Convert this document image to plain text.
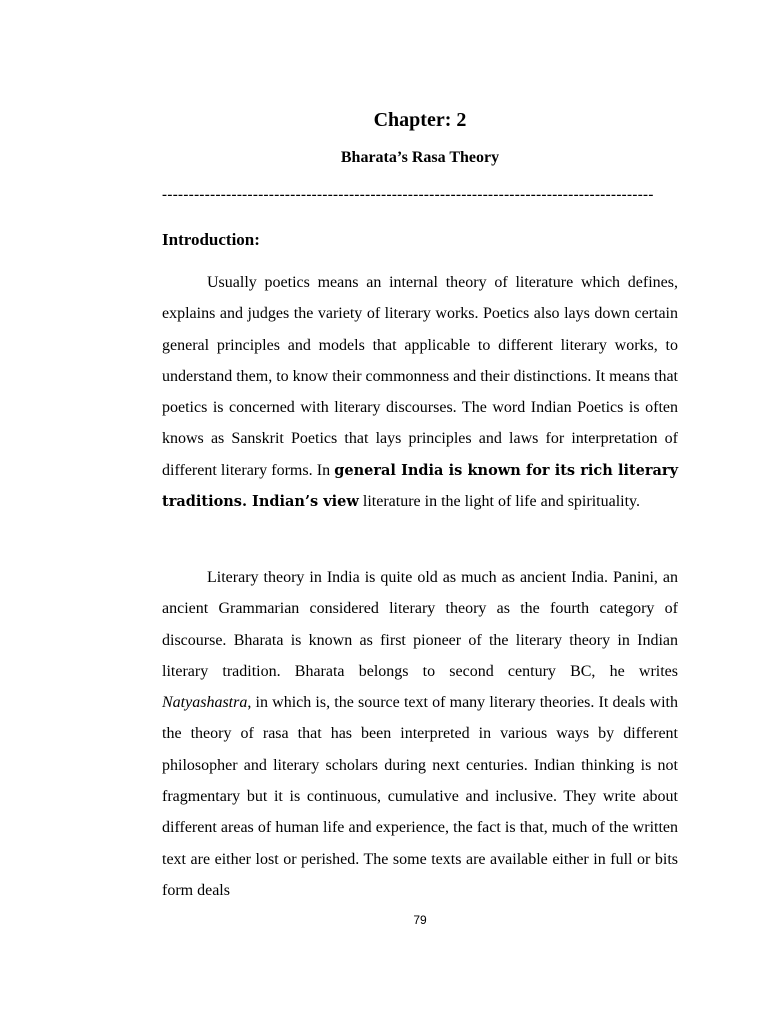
Chapter: 2
Bharata’s Rasa Theory
--------------------------------------------------------------------------------------------
Introduction:

Usually poetics means an internal theory of literature which defines, explains and judges the variety of literary works. Poetics also lays down certain general principles and models that applicable to different literary works, to understand them, to know their commonness and their distinctions. It means that poetics is concerned with literary discourses. The word Indian Poetics is often knows as Sanskrit Poetics that lays principles and laws for interpretation of different literary forms. In general India is known for its rich literary traditions. Indian’s view literature in the light of life and spirituality.

Literary theory in India is quite old as much as ancient India. Panini, an ancient Grammarian considered literary theory as the fourth category of discourse. Bharata is known as first pioneer of the literary theory in Indian literary tradition. Bharata belongs to second century BC, he writes Natyashastra, in which is, the source text of many literary theories. It deals with the theory of rasa that has been interpreted in various ways by different philosopher and literary scholars during next centuries. Indian thinking is not fragmentary but it is continuous, cumulative and inclusive. They write about different areas of human life and experience, the fact is that, much of the written text are either lost or perished. The some texts are available either in full or bits form deals

79
